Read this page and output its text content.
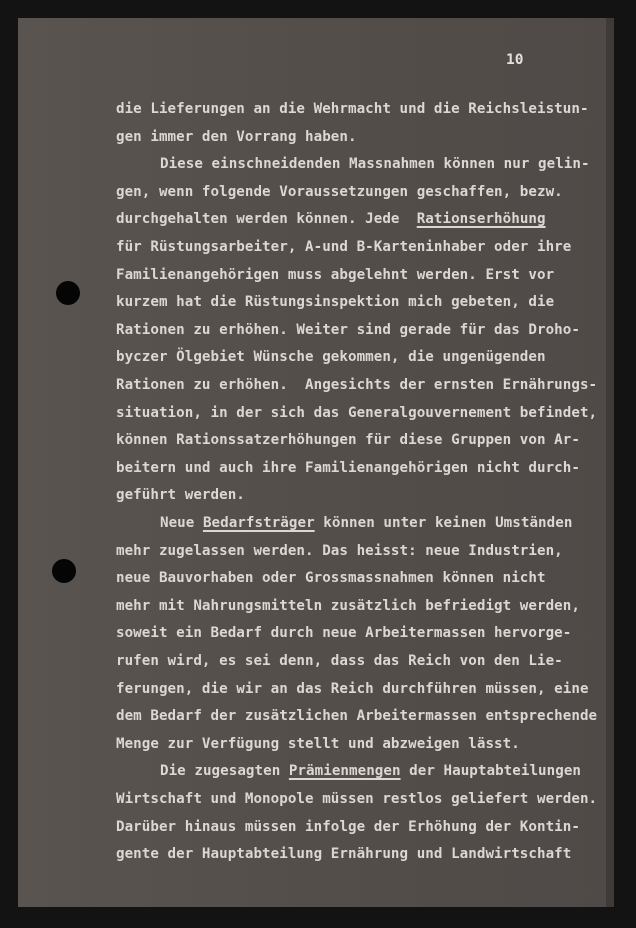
10
die Lieferungen an die Wehrmacht und die Reichsleistun-
gen immer den Vorrang haben.
Diese einschneidenden Massnahmen können nur gelin-
gen, wenn folgende Voraussetzungen geschaffen, bezw.
durchgehalten werden können. Jede  Rationserhöhung
für Rüstungsarbeiter, A-und B-Karteninhaber oder ihre
Familienangehörigen muss abgelehnt werden. Erst vor
kurzem hat die Rüstungsinspektion mich gebeten, die
Rationen zu erhöhen. Weiter sind gerade für das Droho-
byczer Ölgebiet Wünsche gekommen, die ungenügenden
Rationen zu erhöhen.  Angesichts der ernsten Ernährungs-
situation, in der sich das Generalgouvernement befindet,
können Rationssatzerhöhungen für diese Gruppen von Ar-
beitern und auch ihre Familienangehörigen nicht durch-
geführt werden.
Neue Bedarfsträger können unter keinen Umständen
mehr zugelassen werden. Das heisst: neue Industrien,
neue Bauvorhaben oder Grossmassnahmen können nicht
mehr mit Nahrungsmitteln zusätzlich befriedigt werden,
soweit ein Bedarf durch neue Arbeitermassen hervorge-
rufen wird, es sei denn, dass das Reich von den Lie-
ferungen, die wir an das Reich durchführen müssen, eine
dem Bedarf der zusätzlichen Arbeitermassen entsprechende
Menge zur Verfügung stellt und abzweigen lässt.
Die zugesagten Prämienmengen der Hauptabteilungen
Wirtschaft und Monopole müssen restlos geliefert werden.
Darüber hinaus müssen infolge der Erhöhung der Kontin-
gente der Hauptabteilung Ernährung und Landwirtschaft
